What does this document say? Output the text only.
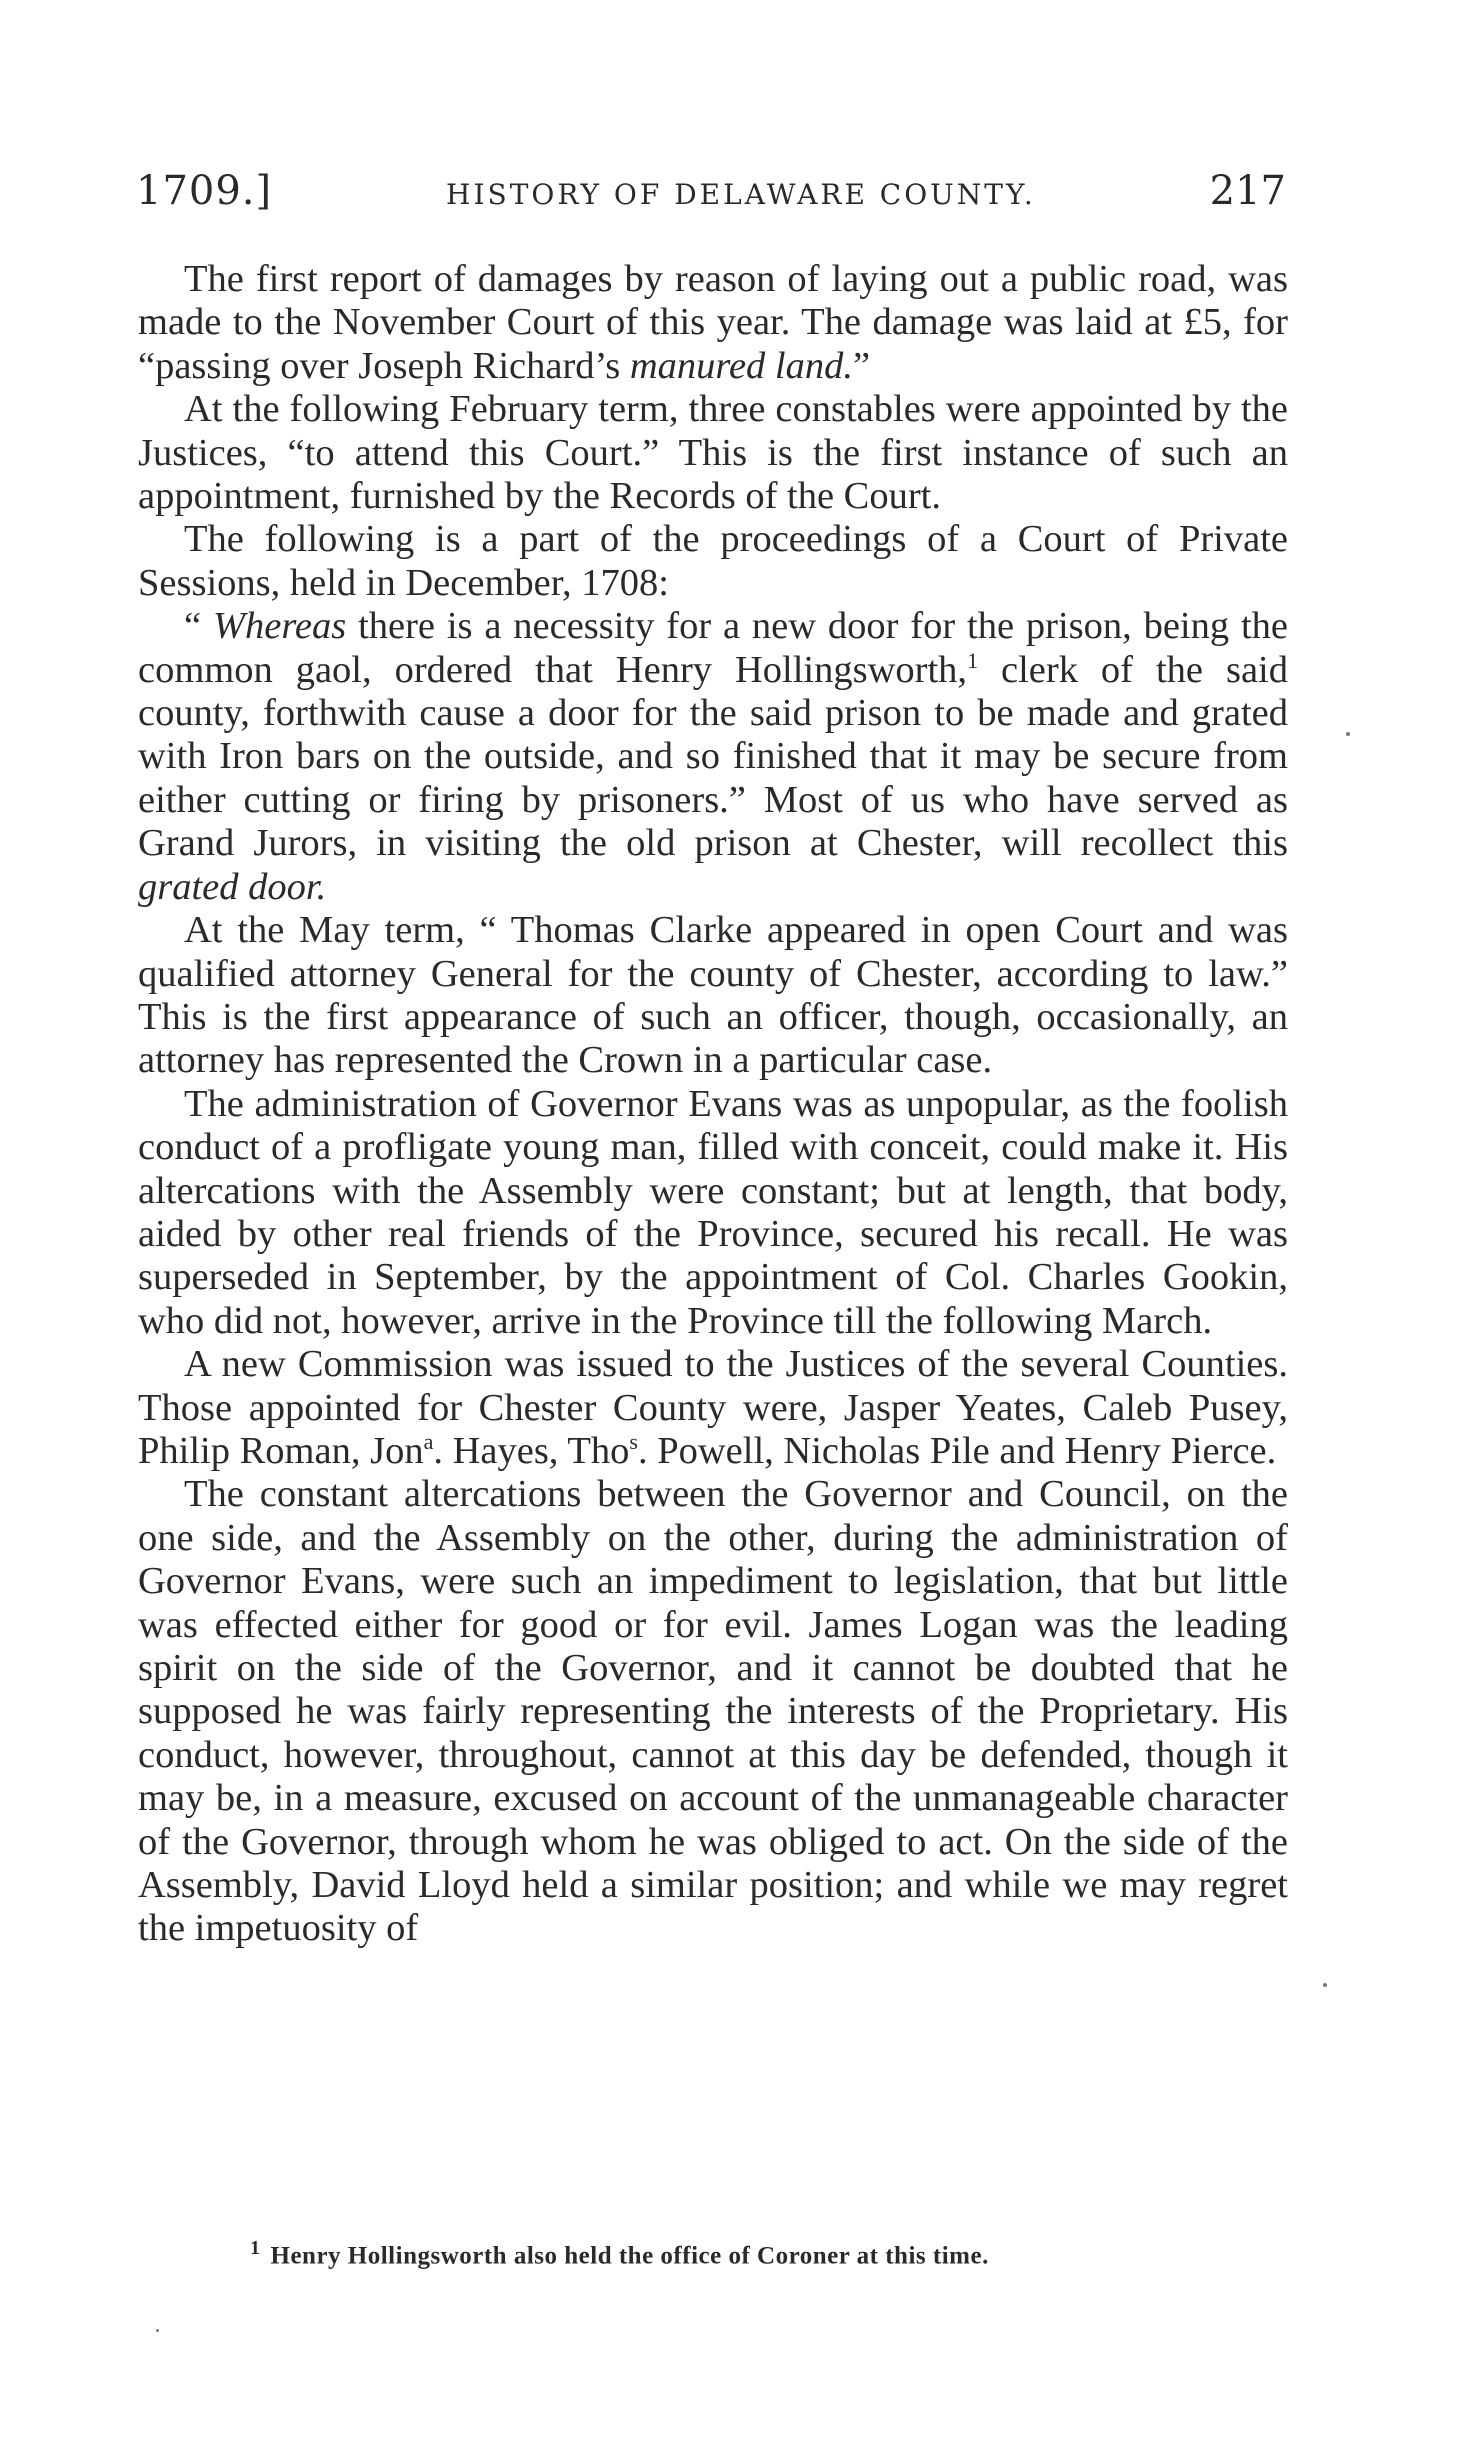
1709.]	HISTORY OF DELAWARE COUNTY.	217

The first report of damages by reason of laying out a public road, was made to the November Court of this year. The damage was laid at £5, for “passing over Joseph Richard’s manured land.”

At the following February term, three constables were appointed by the Justices, “to attend this Court.” This is the first instance of such an appointment, furnished by the Records of the Court.

The following is a part of the proceedings of a Court of Private Sessions, held in December, 1708:

“ Whereas there is a necessity for a new door for the prison, being the common gaol, ordered that Henry Hollingsworth,$^1$ clerk of the said county, forthwith cause a door for the said prison to be made and grated with Iron bars on the outside, and so finished that it may be secure from either cutting or firing by prisoners.” Most of us who have served as Grand Jurors, in visiting the old prison at Chester, will recollect this grated door.

At the May term, “ Thomas Clarke appeared in open Court and was qualified attorney General for the county of Chester, according to law.” This is the first appearance of such an officer, though, occasionally, an attorney has represented the Crown in a particular case.

The administration of Governor Evans was as unpopular, as the foolish conduct of a profligate young man, filled with conceit, could make it. His altercations with the Assembly were constant; but at length, that body, aided by other real friends of the Province, secured his recall. He was superseded in September, by the appointment of Col. Charles Gookin, who did not, however, arrive in the Province till the following March.

A new Commission was issued to the Justices of the several Counties. Those appointed for Chester County were, Jasper Yeates, Caleb Pusey, Philip Roman, Jon$^a$. Hayes, Tho$^s$. Powell, Nicholas Pile and Henry Pierce.

The constant altercations between the Governor and Council, on the one side, and the Assembly on the other, during the administration of Governor Evans, were such an impediment to legislation, that but little was effected either for good or for evil. James Logan was the leading spirit on the side of the Governor, and it cannot be doubted that he supposed he was fairly representing the interests of the Proprietary. His conduct, however, throughout, cannot at this day be defended, though it may be, in a measure, excused on account of the unmanageable character of the Governor, through whom he was obliged to act. On the side of the Assembly, David Lloyd held a similar position; and while we may regret the impetuosity of

$^1$ Henry Hollingsworth also held the office of Coroner at this time.
